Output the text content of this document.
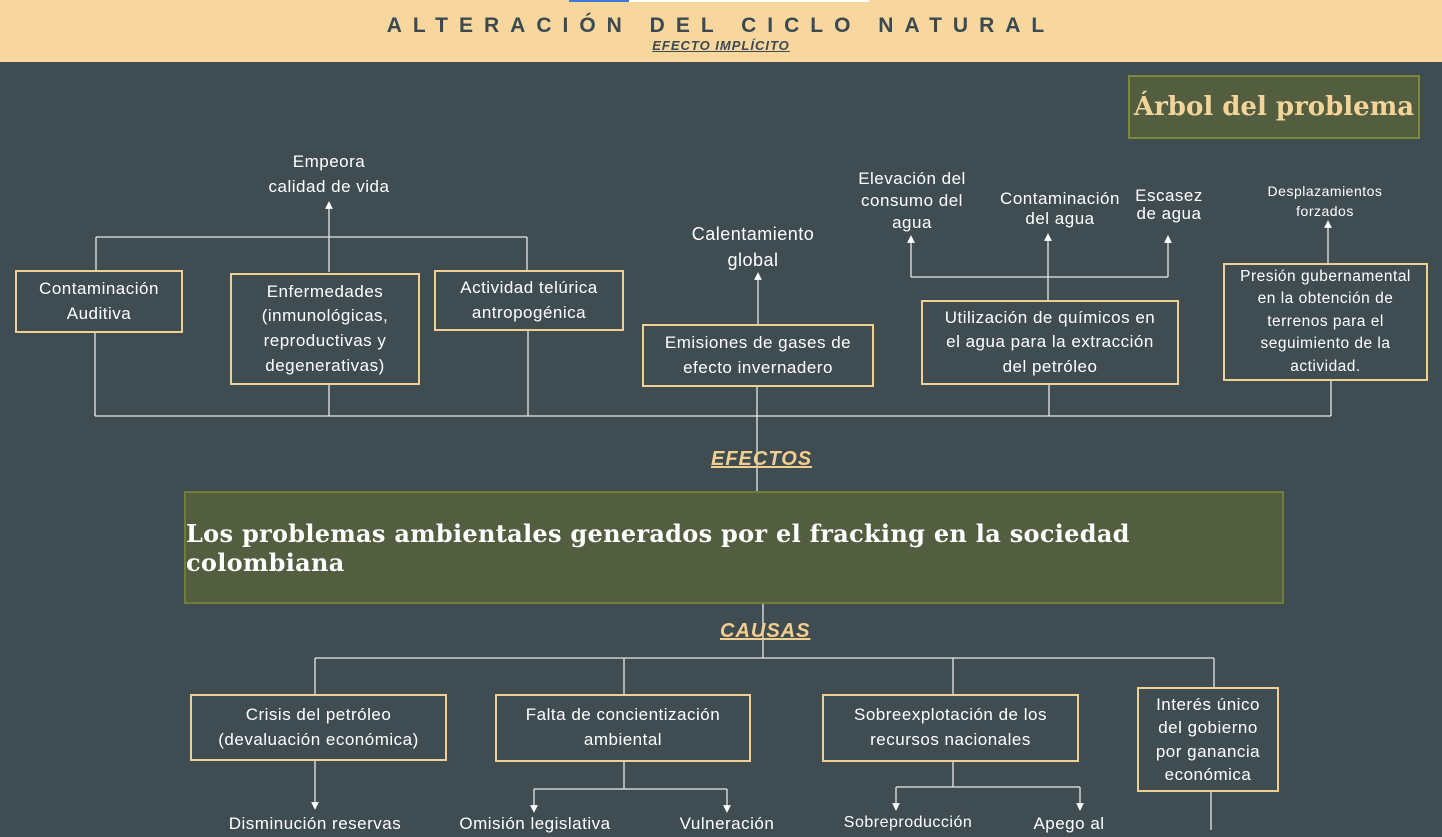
ALTERACIÓN DEL CICLO NATURAL
EFECTO IMPLÍCITO
Árbol del problema
Empeora
calidad de vida
Calentamiento
global
Elevación del
consumo del
agua
Contaminación
del agua
Escasez
de agua
Desplazamientos
forzados
Contaminación
Auditiva
Enfermedades
(inmunológicas,
reproductivas y
degenerativas)
Actividad telúrica
antropogénica
Emisiones de gases de
efecto invernadero
Utilización de químicos en
el agua para la extracción
del petróleo
Presión gubernamental
en la obtención de
terrenos para el
seguimiento de la
actividad.
EFECTOS
CAUSAS
Los problemas ambientales generados por el fracking en la sociedad colombiana
Crisis del petróleo
(devaluación económica)
Falta de concientización
ambiental
Sobreexplotación de los
recursos nacionales
Interés único
del gobierno
por ganancia
económica
Disminución reservas	Omisión legislativa	Vulneración	Sobreproducción	Apego al
